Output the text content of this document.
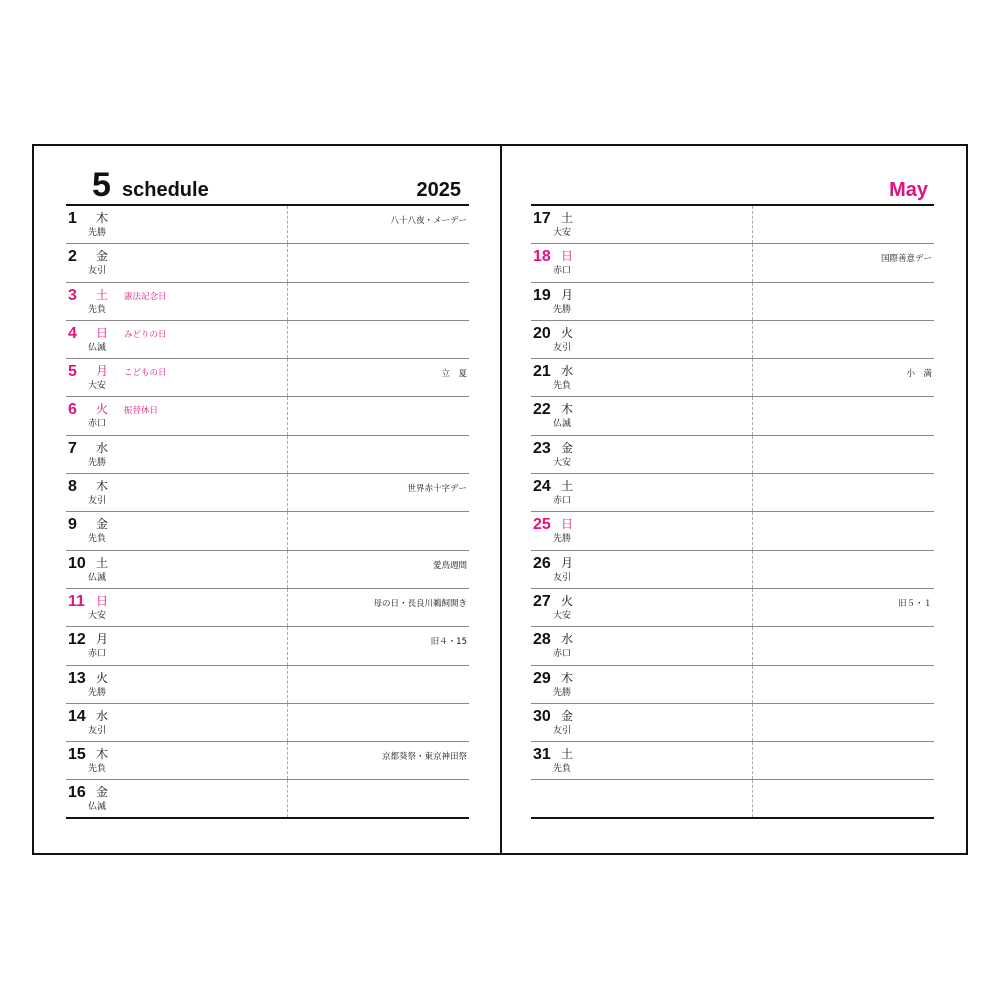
5 schedule	2025
1 木
先勝
八十八夜・メーデー
2 金
友引
3 土
先負
憲法記念日
4 日
仏滅
みどりの日
5 月
大安
こどもの日	立　夏
6 火
赤口
振替休日
7 水
先勝
8 木
友引
世界赤十字デー
9 金
先負
10 土
仏滅
愛鳥週間
11 日
大安
母の日・長良川鵜飼開き
12 月
赤口
旧４・15
13 火
先勝
14 水
友引
15 木
先負
京都葵祭・東京神田祭
16 金
仏滅
May
17 土
大安
18 日
赤口
国際善意デー
19 月
先勝
20 火
友引
21 水
先負
小　満
22 木
仏滅
23 金
大安
24 土
赤口
25 日
先勝
26 月
友引
27 火
大安
旧５・１
28 水
赤口
29 木
先勝
30 金
友引
31 土
先負
